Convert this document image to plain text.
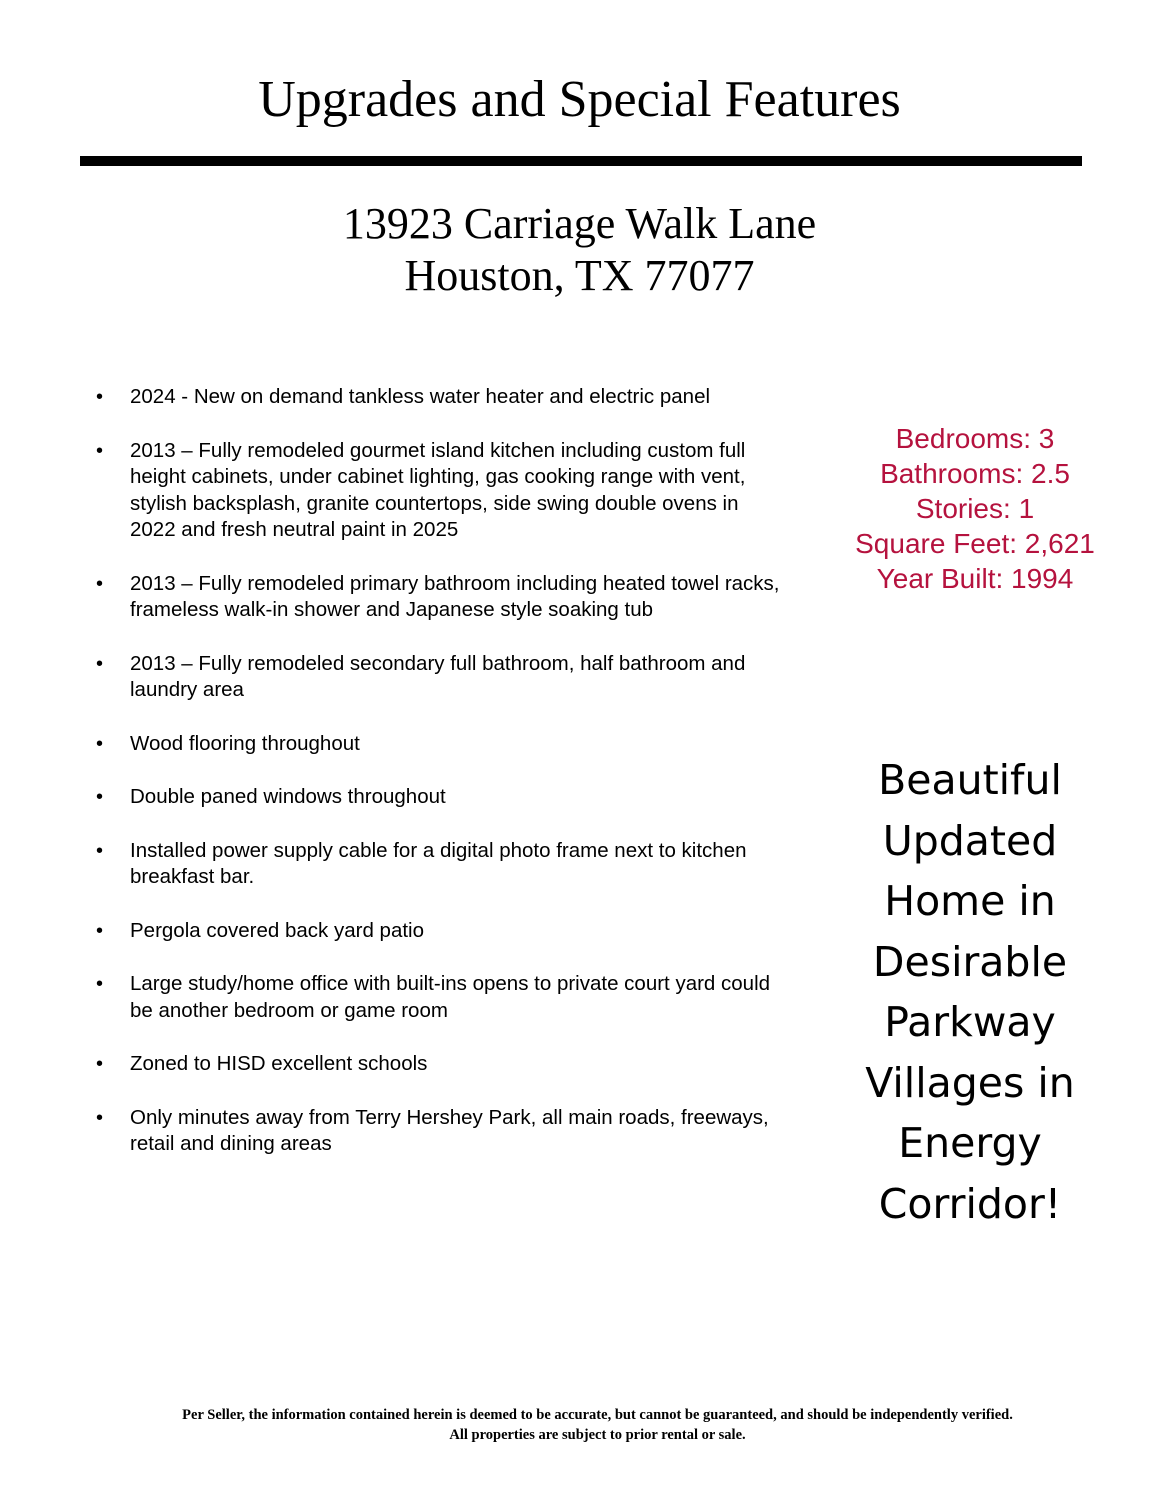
Upgrades and Special Features
13923 Carriage Walk Lane
Houston, TX 77077
• 2024 - New on demand tankless water heater and electric panel
• 2013 – Fully remodeled gourmet island kitchen including custom full height cabinets, under cabinet lighting, gas cooking range with vent, stylish backsplash, granite countertops, side swing double ovens in 2022 and fresh neutral paint in 2025
• 2013 – Fully remodeled primary bathroom including heated towel racks, frameless walk-in shower and Japanese style soaking tub
• 2013 – Fully remodeled secondary full bathroom, half bathroom and laundry area
• Wood flooring throughout
• Double paned windows throughout
• Installed power supply cable for a digital photo frame next to kitchen breakfast bar.
• Pergola covered back yard patio
• Large study/home office with built-ins opens to private court yard could be another bedroom or game room
• Zoned to HISD excellent schools
• Only minutes away from Terry Hershey Park, all main roads, freeways, retail and dining areas
Bedrooms: 3
Bathrooms: 2.5
Stories: 1
Square Feet: 2,621
Year Built: 1994
Beautiful
Updated
Home in
Desirable
Parkway
Villages in
Energy
Corridor!
Per Seller, the information contained herein is deemed to be accurate, but cannot be guaranteed, and should be independently verified.
All properties are subject to prior rental or sale.
